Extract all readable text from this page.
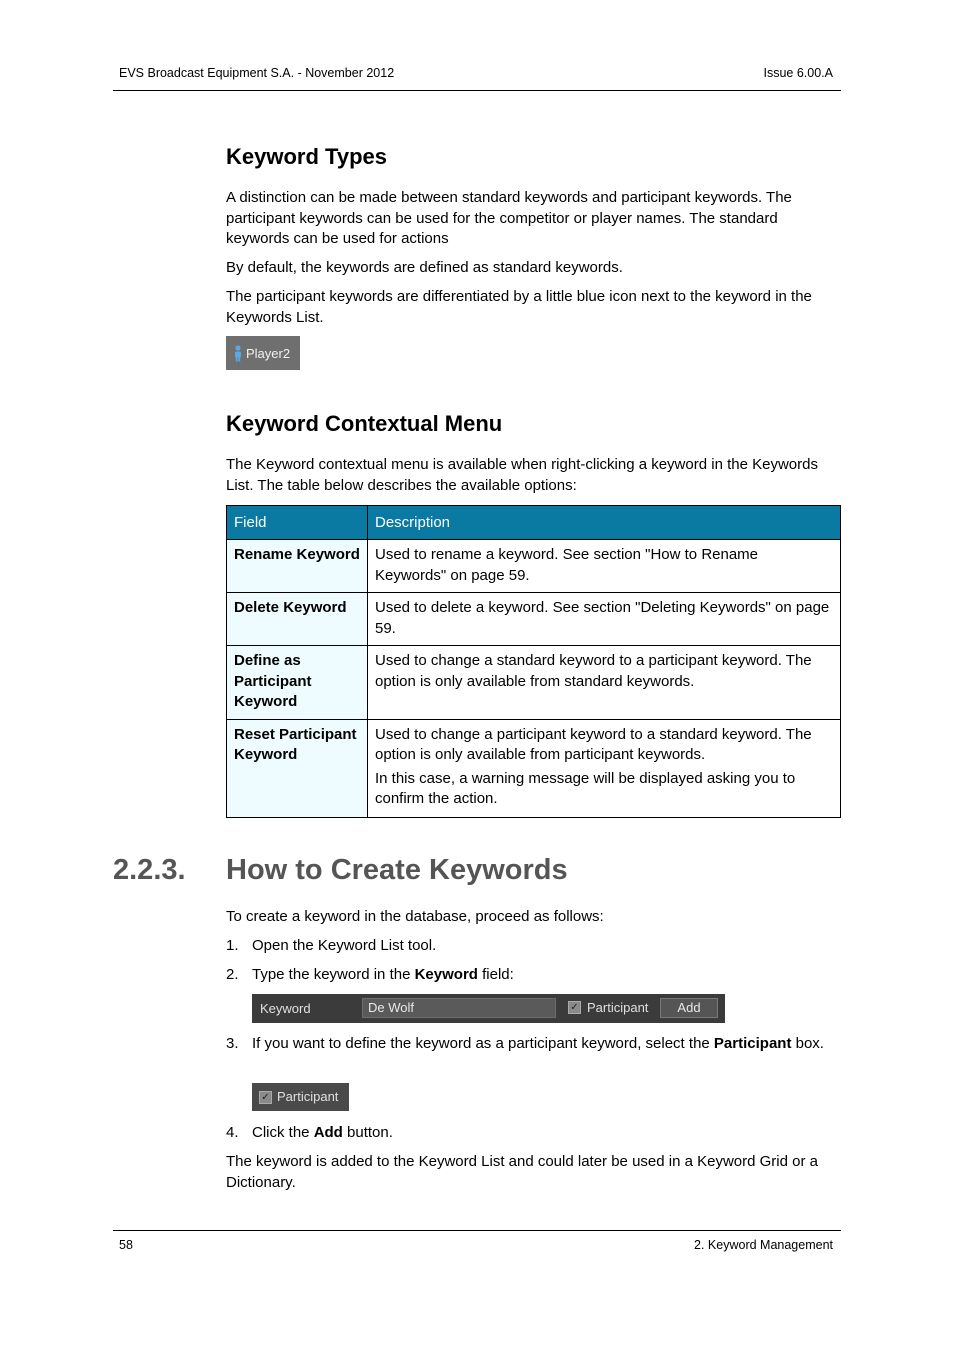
EVS Broadcast Equipment S.A. - November 2012	Issue 6.00.A
Keyword Types
A distinction can be made between standard keywords and participant keywords. The participant keywords can be used for the competitor or player names. The standard keywords can be used for actions
By default, the keywords are defined as standard keywords.
The participant keywords are differentiated by a little blue icon next to the keyword in the Keywords List.
Player2
Keyword Contextual Menu
The Keyword contextual menu is available when right-clicking a keyword in the Keywords List. The table below describes the available options:
Field	Description
Rename Keyword	Used to rename a keyword. See section "How to Rename Keywords" on page 59.

Delete Keyword	Used to delete a keyword. See section "Deleting Keywords" on page 59.

Define as Participant Keyword	Used to change a standard keyword to a participant keyword. The option is only available from standard keywords.

Reset Participant Keyword	Used to change a participant keyword to a standard keyword. The option is only available from participant keywords.

In this case, a warning message will be displayed asking you to confirm the action.

2.2.3. How to Create Keywords
To create a keyword in the database, proceed as follows:
1. Open the Keyword List tool.
2. Type the keyword in the Keyword field:
Keyword	De Wolf	✓ Participant	Add
3. If you want to define the keyword as a participant keyword, select the Participant box.
✓ Participant
4. Click the Add button.
The keyword is added to the Keyword List and could later be used in a Keyword Grid or a Dictionary.
58	2. Keyword Management
